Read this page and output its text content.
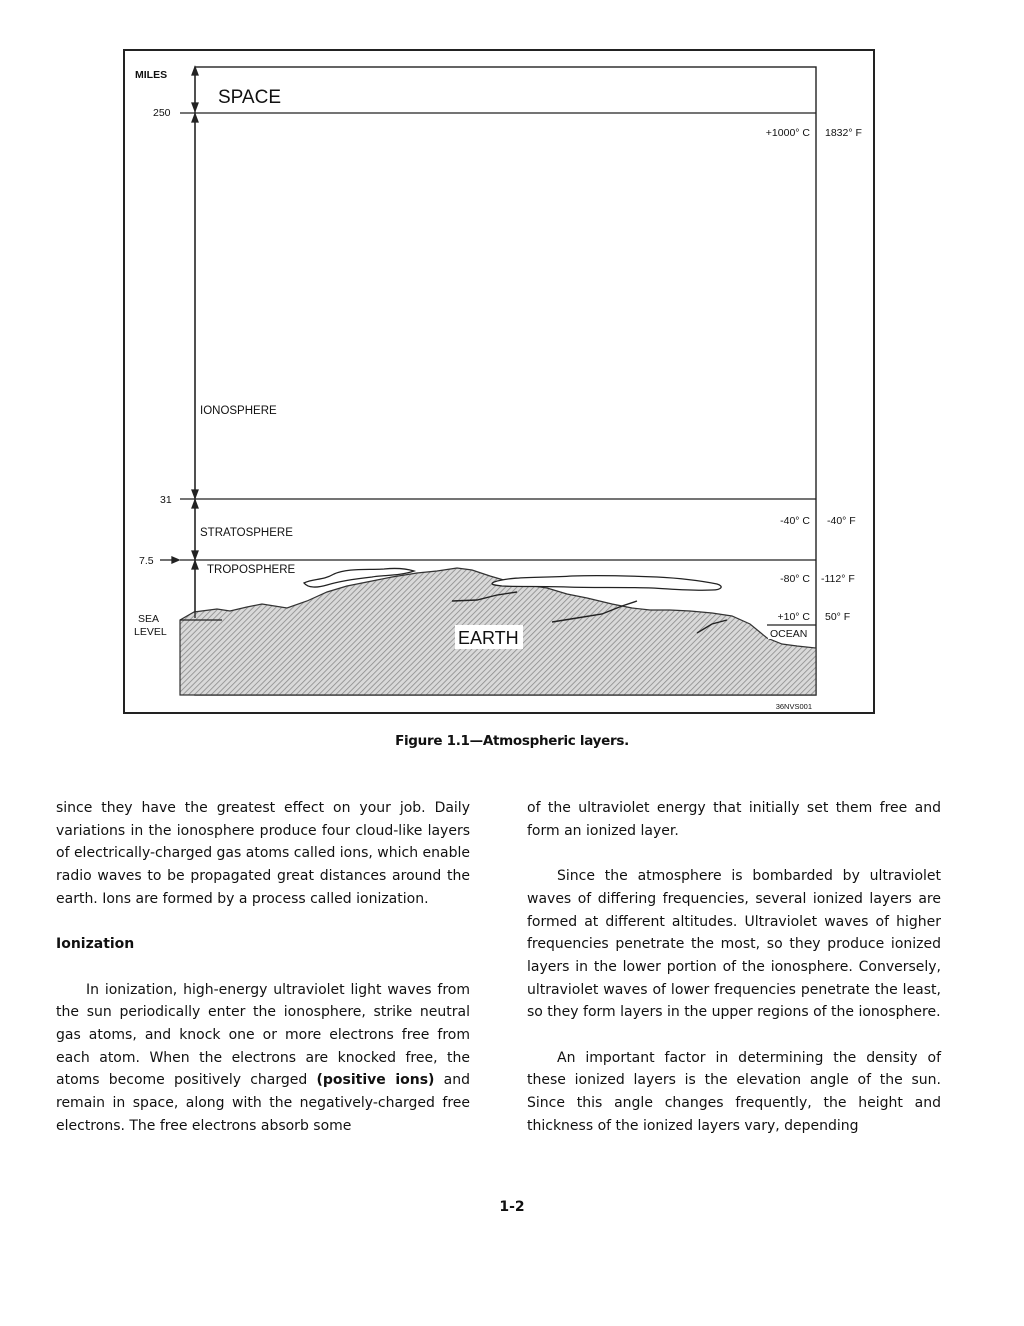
MILES
250
31
7.5
SEA
LEVEL
SPACE
IONOSPHERE
STRATOSPHERE
TROPOSPHERE
EARTH	OCEAN
+1000° C
-40° C
-80° C
+10° C
1832° F
-40° F
-112° F
50° F
36NVS001
Figure 1.1—Atmospheric layers.

since they have the greatest effect on your job. Daily variations in the ionosphere produce four cloud-like layers of electrically-charged gas atoms called ions, which enable radio waves to be propagated great distances around the earth. Ions are formed by a process called ionization.

Ionization

In ionization, high-energy ultraviolet light waves from the sun periodically enter the ionosphere, strike neutral gas atoms, and knock one or more electrons free from each atom. When the electrons are knocked free, the atoms become positively charged (positive ions) and remain in space, along with the negatively-charged free electrons. The free electrons absorb some

of the ultraviolet energy that initially set them free and form an ionized layer.

Since the atmosphere is bombarded by ultraviolet waves of differing frequencies, several ionized layers are formed at different altitudes. Ultraviolet waves of higher frequencies penetrate the most, so they produce ionized layers in the lower portion of the ionosphere. Conversely, ultraviolet waves of lower frequencies penetrate the least, so they form layers in the upper regions of the ionosphere.

An important factor in determining the density of these ionized layers is the elevation angle of the sun. Since this angle changes frequently, the height and thickness of the ionized layers vary, depending

1-2
